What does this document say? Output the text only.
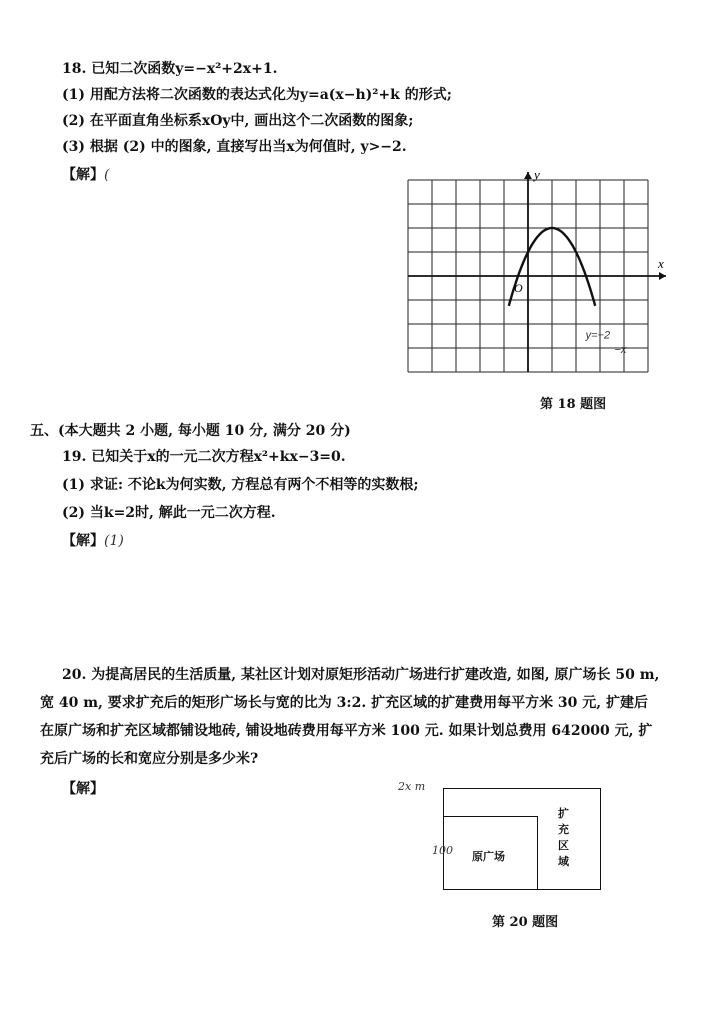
18. 已知二次函数y=−x²+2x+1.
(1) 用配方法将二次函数的表达式化为y=a(x−h)²+k 的形式;
(2) 在平面直角坐标系xOy中, 画出这个二次函数的图象;
(3) 根据 (2) 中的图象, 直接写出当x为何值时, y>−2.
【解】(
x
y
O
y=−2
−x
第 18 题图
五、(本大题共 2 小题, 每小题 10 分, 满分 20 分)
19. 已知关于x的一元二次方程x²+kx−3=0.
(1) 求证: 不论k为何实数, 方程总有两个不相等的实数根;
(2) 当k=2时, 解此一元二次方程.
【解】(1)
20. 为提高居民的生活质量, 某社区计划对原矩形活动广场进行扩建改造, 如图, 原广场长 50 m,
宽 40 m, 要求扩充后的矩形广场长与宽的比为 3:2. 扩充区域的扩建费用每平方米 30 元, 扩建后
在原广场和扩充区域都铺设地砖, 铺设地砖费用每平方米 100 元. 如果计划总费用 642000 元, 扩
充后广场的长和宽应分别是多少米?
【解】	2x m
100 原广场
扩
充
区
域
第 20 题图
